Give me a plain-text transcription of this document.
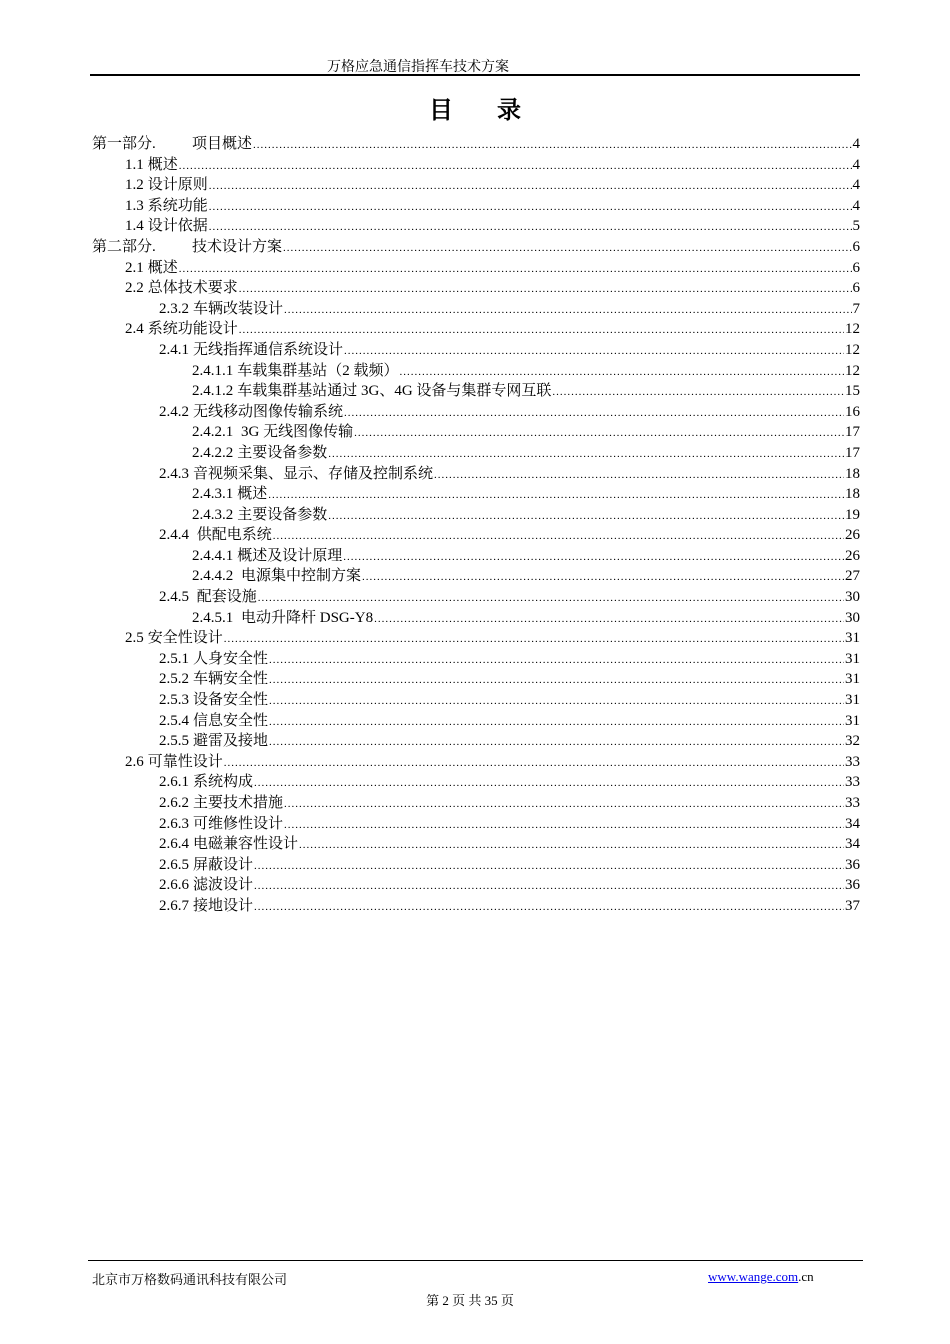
万格应急通信指挥车技术方案
目 录
第一部分. 项目概述 .....	4
1.1 概述 .....	4
1.2 设计原则 .....	4
1.3 系统功能 .....	4
1.4 设计依据 .....	5
第二部分. 技术设计方案 .....	6
2.1 概述 .....	6
2.2 总体技术要求 .....	6
2.3.2 车辆改装设计 .....	7
2.4 系统功能设计 .....	12
2.4.1 无线指挥通信系统设计 .....	12
2.4.1.1 车载集群基站（2 载频） .....	12
2.4.1.2 车载集群基站通过 3G、4G 设备与集群专网互联 .....	15
2.4.2 无线移动图像传输系统 .....	16
2.4.2.1 3G 无线图像传输 .....	17
2.4.2.2 主要设备参数 .....	17
2.4.3 音视频采集、显示、存储及控制系统 .....	18
2.4.3.1 概述 .....	18
2.4.3.2 主要设备参数 .....	19
2.4.4 供配电系统 .....	26
2.4.4.1 概述及设计原理 .....	26
2.4.4.2 电源集中控制方案 .....	27
2.4.5 配套设施 .....	30
2.4.5.1 电动升降杆 DSG-Y8 .....	30
2.5 安全性设计 .....	31
2.5.1 人身安全性 .....	31
2.5.2 车辆安全性 .....	31
2.5.3 设备安全性 .....	31
2.5.4 信息安全性 .....	31
2.5.5 避雷及接地 .....	32
2.6 可靠性设计 .....	33
2.6.1 系统构成 .....	33
2.6.2 主要技术措施 .....	33
2.6.3 可维修性设计 .....	34
2.6.4 电磁兼容性设计 .....	34
2.6.5 屏蔽设计 .....	36
2.6.6 滤波设计 .....	36
2.6.7 接地设计 .....	37
北京市万格数码通讯科技有限公司	www.wange.com.cn
第 2 页 共 35 页
